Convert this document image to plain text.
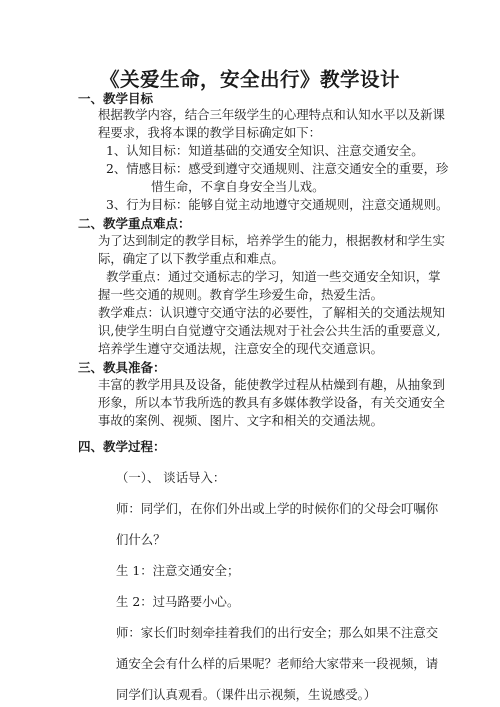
《关爱生命，安全出行》教学设计
一、教学目标
根据教学内容，结合三年级学生的心理特点和认知水平以及新课
程要求，我将本课的教学目标确定如下：
1、认知目标：知道基础的交通安全知识、注意交通安全。
2、情感目标：感受到遵守交通规则、注意交通安全的重要，珍
惜生命，不拿自身安全当儿戏。
3、行为目标：能够自觉主动地遵守交通规则，注意交通规则。
二、教学重点难点：
为了达到制定的教学目标，培养学生的能力，根据教材和学生实
际，确定了以下教学重点和难点。
教学重点：通过交通标志的学习，知道一些交通安全知识，掌
握一些交通的规则。教育学生珍爱生命，热爱生活。
教学难点：认识遵守交通守法的必要性，了解相关的交通法规知
识,使学生明白自觉遵守交通法规对于社会公共生活的重要意义,
培养学生遵守交通法规，注意安全的现代交通意识。
三、教具准备：
丰富的教学用具及设备，能使教学过程从枯燥到有趣，从抽象到
形象，所以本节我所选的教具有多媒体教学设备，有关交通安全
事故的案例、视频、图片、文字和相关的交通法规。
四、教学过程：
（一）、 谈话导入：
师：同学们，在你们外出或上学的时候你们的父母会叮嘱你
们什么？
生 1：注意交通安全；
生 2：过马路要小心。
师：家长们时刻牵挂着我们的出行安全；那么如果不注意交
通安全会有什么样的后果呢？老师给大家带来一段视频，请
同学们认真观看。（课件出示视频，生说感受。）
